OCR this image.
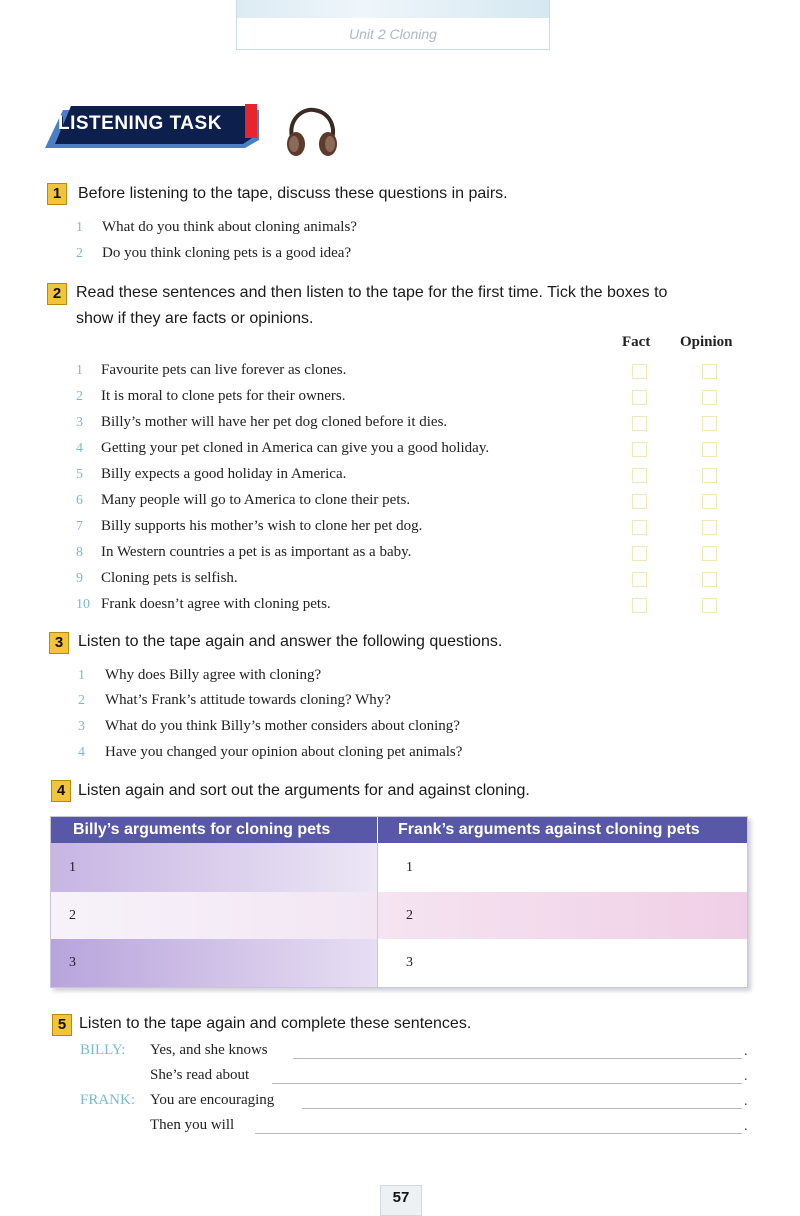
Unit 2 Cloning
LISTENING TASK
1	Before listening to the tape, discuss these questions in pairs.
1	What do you think about cloning animals?
2	Do you think cloning pets is a good idea?
2 Read these sentences and then listen to the tape for the first time. Tick the boxes to
show if they are facts or opinions.
Fact Opinion
1	Favourite pets can live forever as clones.
2	It is moral to clone pets for their owners.
3	Billy’s mother will have her pet dog cloned before it dies.
4	Getting your pet cloned in America can give you a good holiday.
5	Billy expects a good holiday in America.
6	Many people will go to America to clone their pets.
7	Billy supports his mother’s wish to clone her pet dog.
8	In Western countries a pet is as important as a baby.
9	Cloning pets is selfish.
10 Frank doesn’t agree with cloning pets.
3 Listen to the tape again and answer the following questions.
1	Why does Billy agree with cloning?
2	What’s Frank’s attitude towards cloning? Why?
3	What do you think Billy’s mother considers about cloning?
4	Have you changed your opinion about cloning pet animals?
4 Listen again and sort out the arguments for and against cloning.
Billy’s arguments for cloning pets	Frank’s arguments against cloning pets
1	1
2	2
3	3
5 Listen to the tape again and complete these sentences.
BILLY: Yes, and she knows	.
She’s read about	.
FRANK: You are encouraging	.
Then you will	.
57
